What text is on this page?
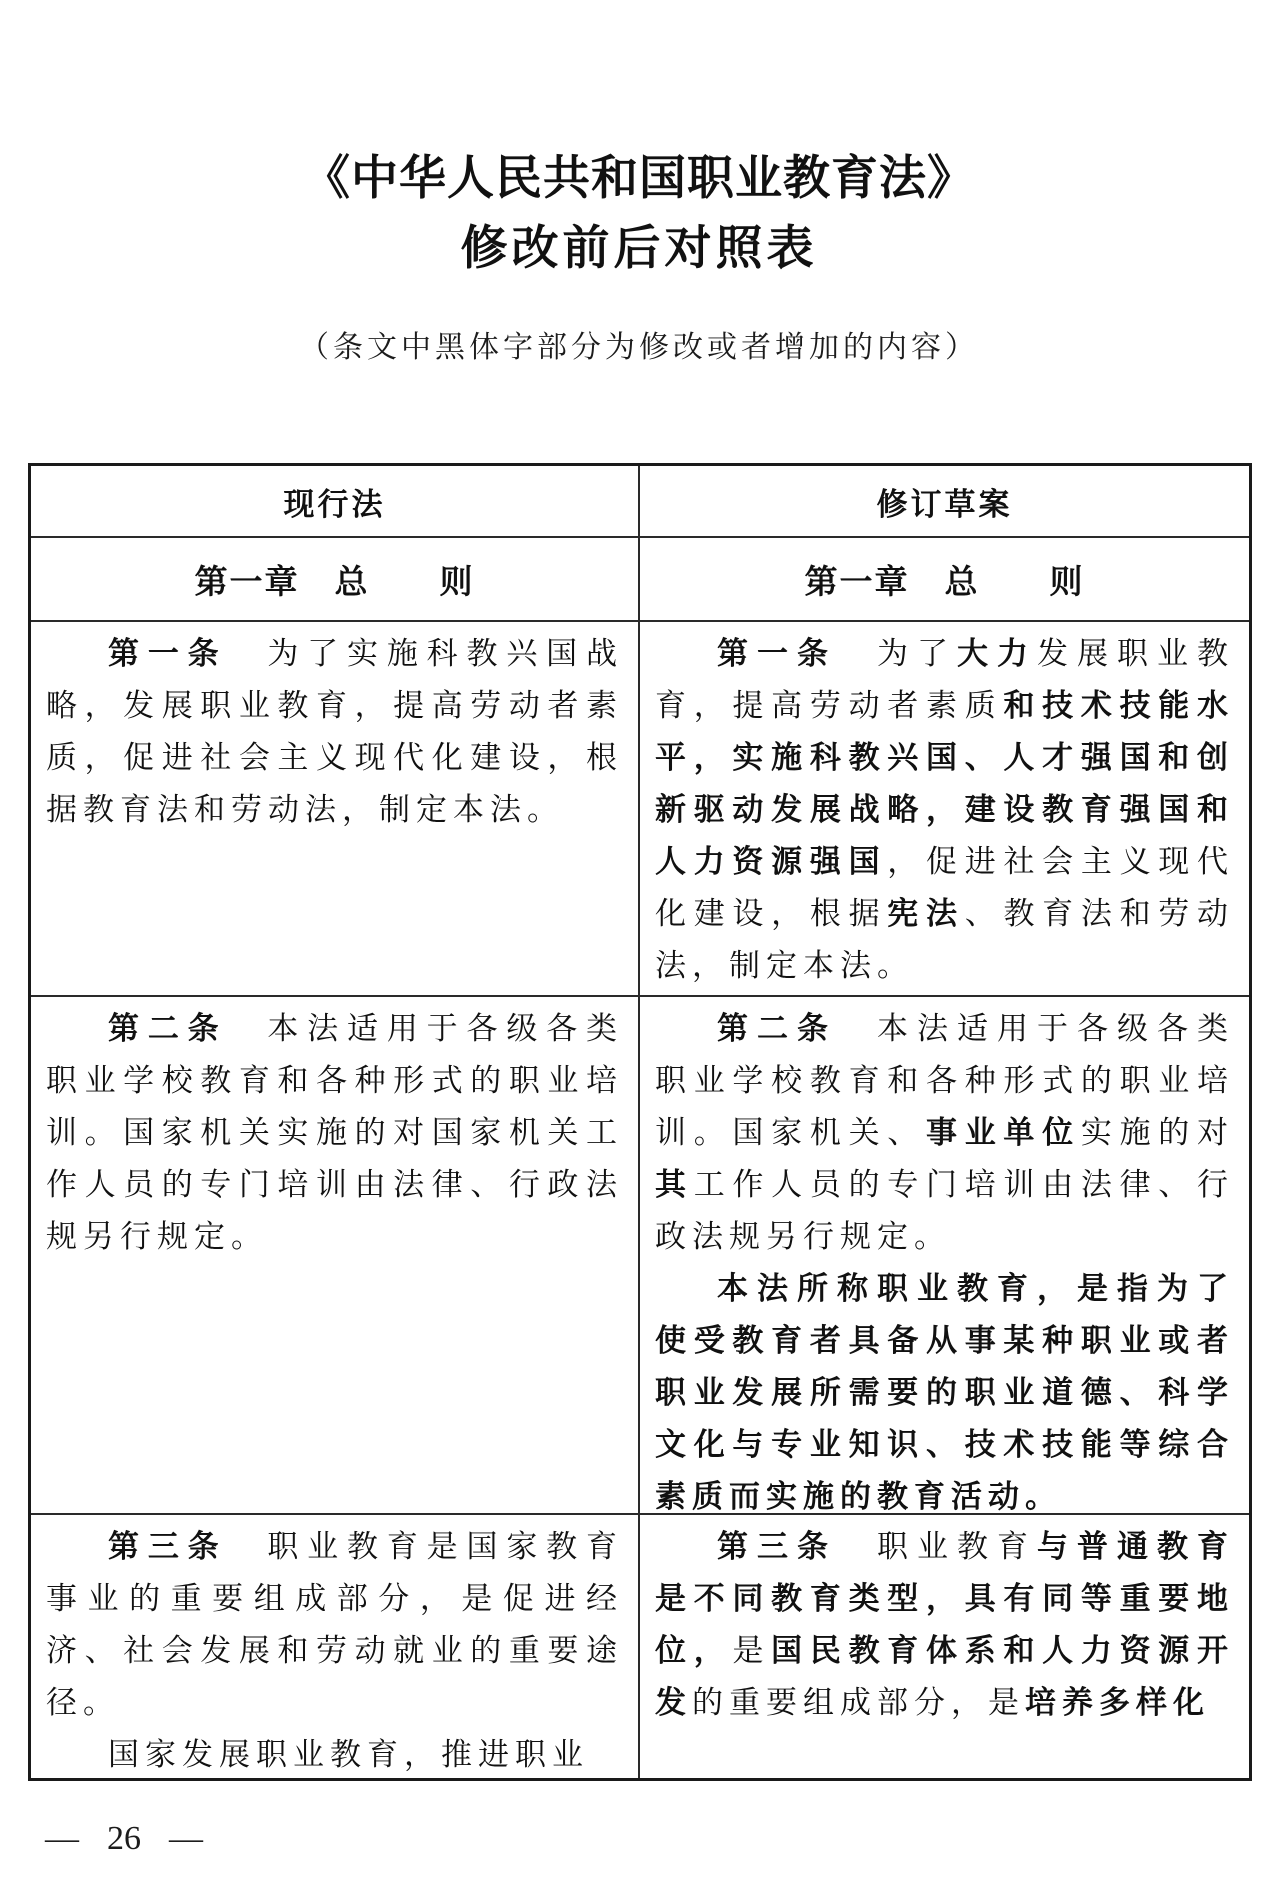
《中华人民共和国职业教育法》
修改前后对照表

（条文中黑体字部分为修改或者增加的内容）

现行法	修订草案
第一章　总　　则	第一章　总　　则

第一条　为了实施科教兴国战略，发展职业教育，提高劳动者素质，促进社会主义现代化建设，根据教育法和劳动法，制定本法。

第一条　为了大力发展职业教育，提高劳动者素质和技术技能水平，实施科教兴国、人才强国和创新驱动发展战略，建设教育强国和人力资源强国，促进社会主义现代化建设，根据宪法、教育法和劳动法，制定本法。

第二条　本法适用于各级各类职业学校教育和各种形式的职业培训。国家机关实施的对国家机关工作人员的专门培训由法律、行政法规另行规定。

第二条　本法适用于各级各类职业学校教育和各种形式的职业培训。国家机关、事业单位实施的对其工作人员的专门培训由法律、行政法规另行规定。

本法所称职业教育，是指为了使受教育者具备从事某种职业或者职业发展所需要的职业道德、科学文化与专业知识、技术技能等综合素质而实施的教育活动。

第三条　职业教育是国家教育事业的重要组成部分，是促进经济、社会发展和劳动就业的重要途径。

国家发展职业教育，推进职业

第三条　职业教育与普通教育是不同教育类型，具有同等重要地位，是国民教育体系和人力资源开发的重要组成部分，是培养多样化

— 26 —
